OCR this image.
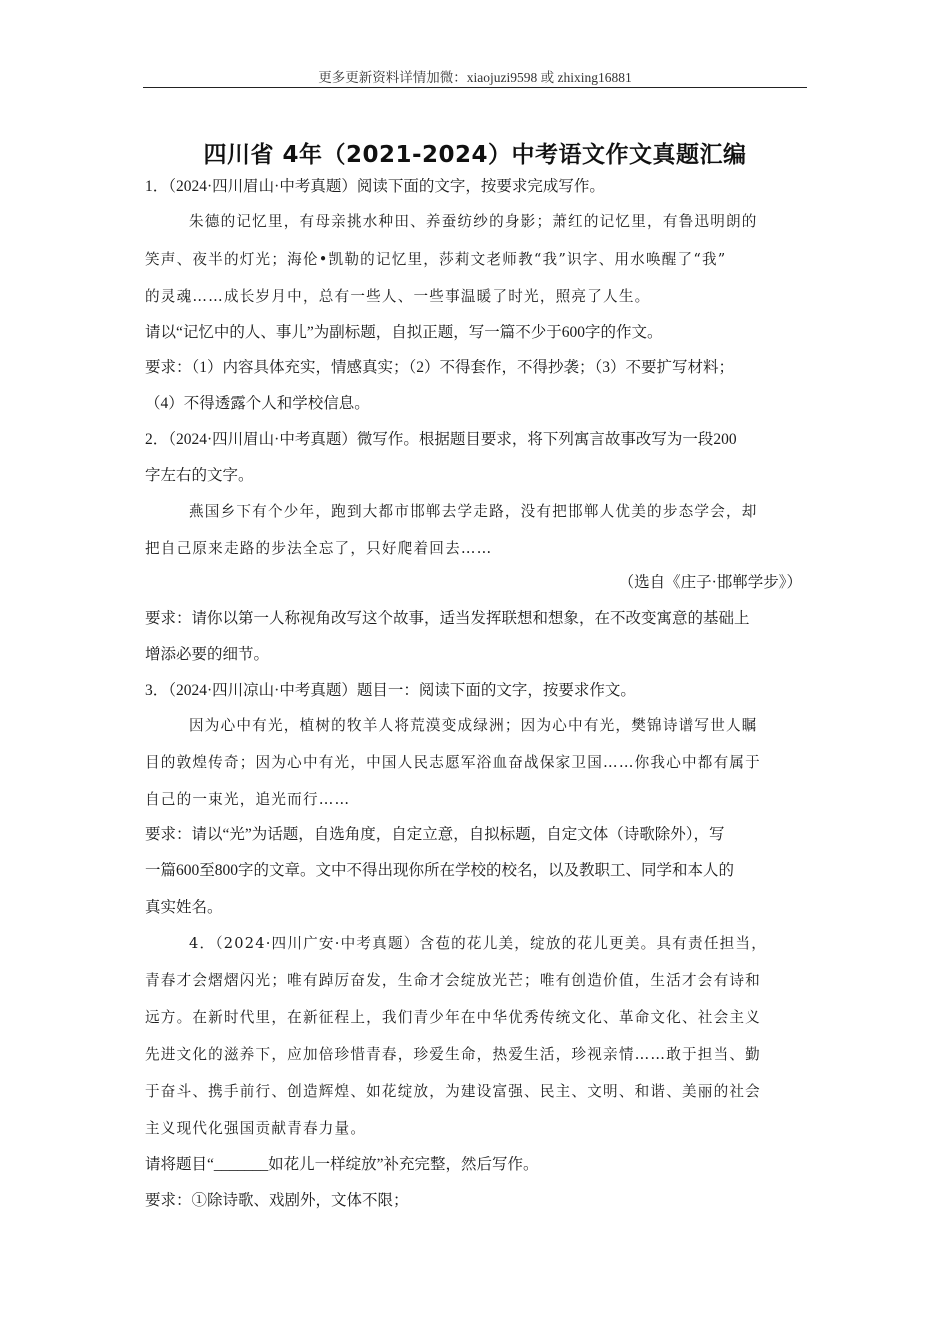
更多更新资料详情加微：xiaojuzi9598 或 zhixing16881
四川省 4年（2021-2024）中考语文作文真题汇编
1．（2024·四川眉山·中考真题）阅读下面的文字，按要求完成写作。
朱德的记忆里，有母亲挑水种田、养蚕纺纱的身影；萧红的记忆里，有鲁迅明朗的
笑声、夜半的灯光；海伦•凯勒的记忆里，莎莉文老师教“我”识字、用水唤醒了“我”
的灵魂……成长岁月中，总有一些人、一些事温暖了时光，照亮了人生。
请以“记忆中的人、事儿”为副标题，自拟正题，写一篇不少于600字的作文。
要求：（1）内容具体充实，情感真实；（2）不得套作，不得抄袭；（3）不要扩写材料；
（4）不得透露个人和学校信息。
2．（2024·四川眉山·中考真题）微写作。根据题目要求，将下列寓言故事改写为一段200
字左右的文字。
燕国乡下有个少年，跑到大都市邯郸去学走路，没有把邯郸人优美的步态学会，却
把自己原来走路的步法全忘了，只好爬着回去……
（选自《庄子·邯郸学步》）
要求：请你以第一人称视角改写这个故事，适当发挥联想和想象，在不改变寓意的基础上
增添必要的细节。
3．（2024·四川凉山·中考真题）题目一：阅读下面的文字，按要求作文。
因为心中有光，植树的牧羊人将荒漠变成绿洲；因为心中有光，樊锦诗谱写世人瞩
目的敦煌传奇；因为心中有光，中国人民志愿军浴血奋战保家卫国……你我心中都有属于
自己的一束光，追光而行……
要求：请以“光”为话题，自选角度，自定立意，自拟标题，自定文体（诗歌除外），写
一篇600至800字的文章。文中不得出现你所在学校的校名，以及教职工、同学和本人的
真实姓名。
4．（2024·四川广安·中考真题）含苞的花儿美，绽放的花儿更美。具有责任担当，
青春才会熠熠闪光；唯有踔厉奋发，生命才会绽放光芒；唯有创造价值，生活才会有诗和
远方。在新时代里，在新征程上，我们青少年在中华优秀传统文化、革命文化、社会主义
先进文化的滋养下，应加倍珍惜青春，珍爱生命，热爱生活，珍视亲情……敢于担当、勤
于奋斗、携手前行、创造辉煌、如花绽放，为建设富强、民主、文明、和谐、美丽的社会
主义现代化强国贡献青春力量。
请将题目“_______如花儿一样绽放”补充完整，然后写作。
要求：①除诗歌、戏剧外，文体不限；
